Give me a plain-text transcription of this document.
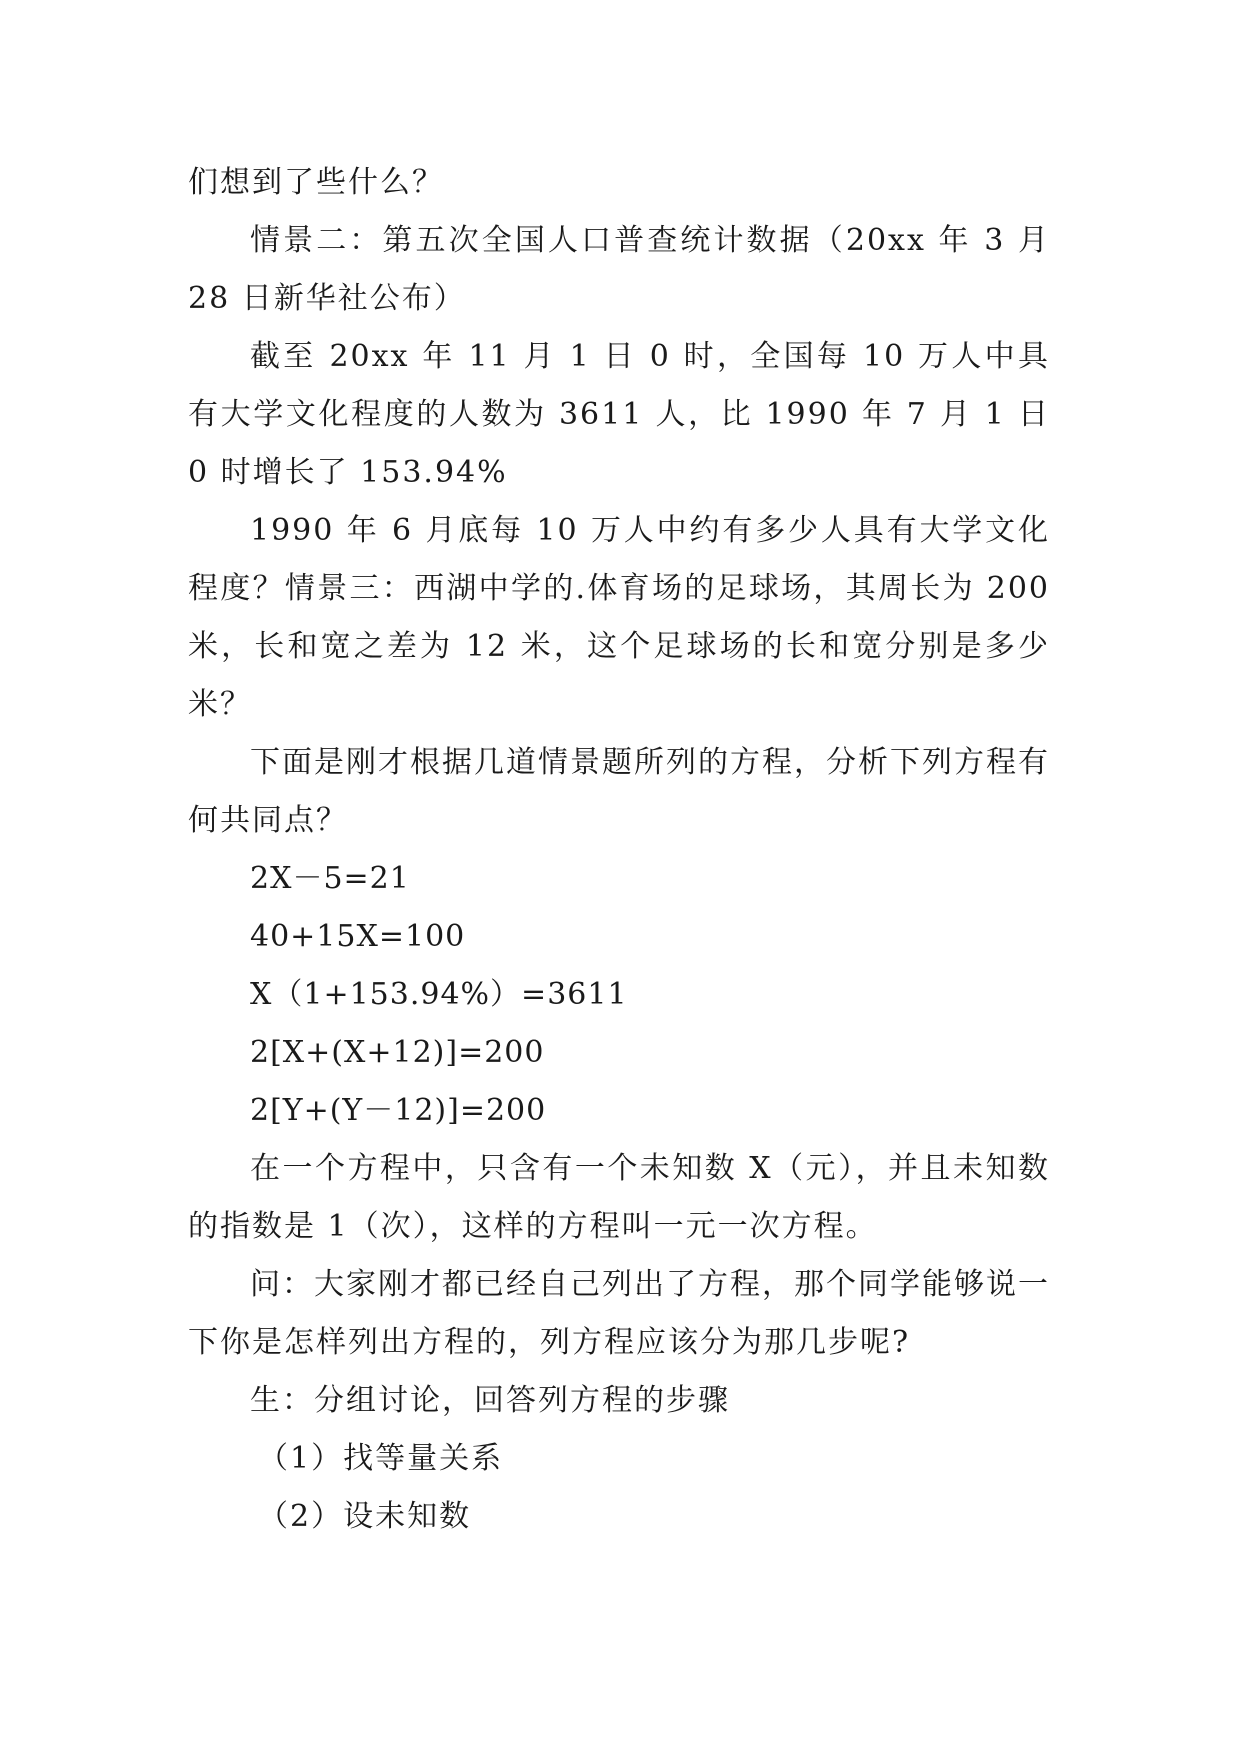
们想到了些什么？

情景二：第五次全国人口普查统计数据（20xx 年 3 月 28 日新华社公布）

截至 20xx 年 11 月 1 日 0 时，全国每 10 万人中具有大学文化程度的人数为 3611 人，比 1990 年 7 月 1 日 0 时增长了 153.94%

1990 年 6 月底每 10 万人中约有多少人具有大学文化程度？情景三：西湖中学的.体育场的足球场，其周长为 200 米，长和宽之差为 12 米，这个足球场的长和宽分别是多少米？

下面是刚才根据几道情景题所列的方程，分析下列方程有何共同点？

2X－5=21

40+15X=100

X（1+153.94%）=3611

2[X+(X+12)]=200

2[Y+(Y－12)]=200

在一个方程中，只含有一个未知数 X（元），并且未知数的指数是 1（次），这样的方程叫一元一次方程。

问：大家刚才都已经自己列出了方程，那个同学能够说一下你是怎样列出方程的，列方程应该分为那几步呢?

生：分组讨论，回答列方程的步骤

（1）找等量关系

（2）设未知数
